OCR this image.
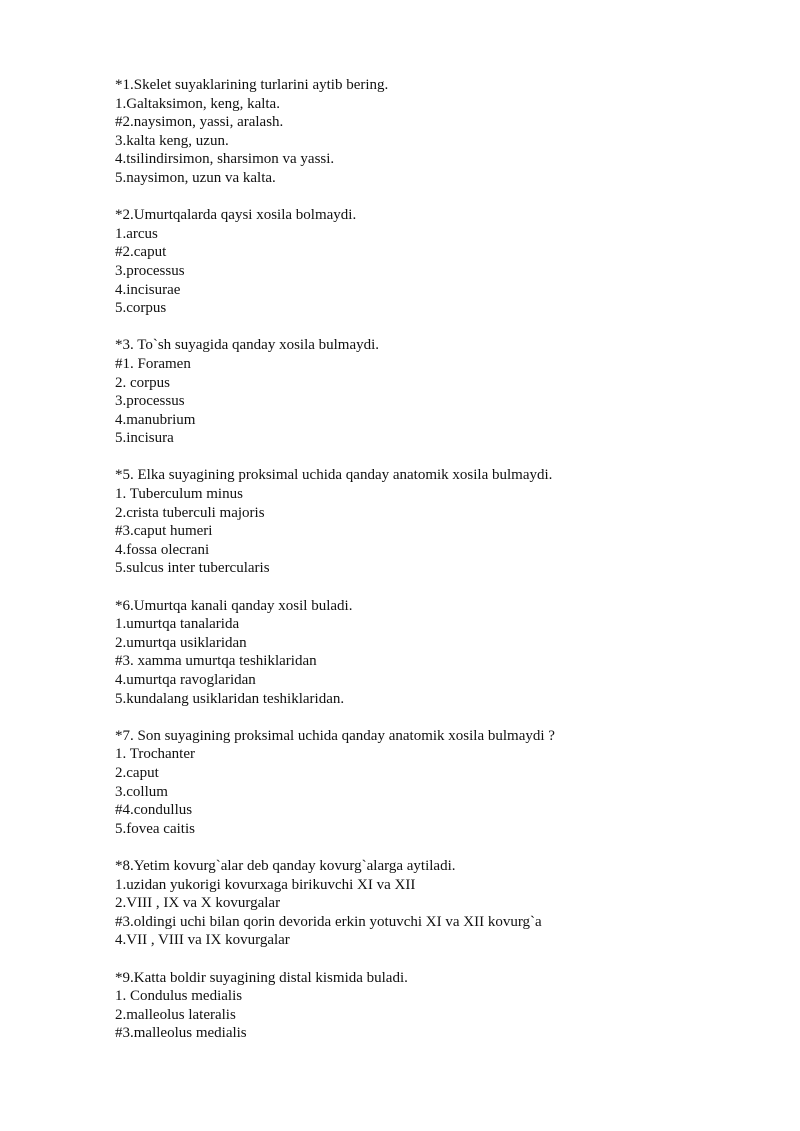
*1.Skelet suyaklarining turlarini aytib bering.
1.Galtaksimon, keng, kalta.
#2.naysimon, yassi, aralash.
3.kalta keng, uzun.
4.tsilindirsimon, sharsimon va yassi.
5.naysimon, uzun va kalta.
*2.Umurtqalarda qaysi xosila bolmaydi.
1.arcus
#2.caput
3.processus
4.incisurae
5.corpus
*3. To`sh suyagida qanday xosila bulmaydi.
#1. Foramen
2. corpus
3.processus
4.manubrium
5.incisura
*5. Elka suyagining proksimal uchida qanday anatomik xosila bulmaydi.
1. Tuberculum minus
2.crista tuberculi majoris
#3.caput humeri
4.fossa olecrani
5.sulcus inter tubercularis
*6.Umurtqa kanali qanday xosil buladi.
1.umurtqa tanalarida
2.umurtqa usiklaridan
#3. xamma umurtqa teshiklaridan
4.umurtqa ravoglaridan
5.kundalang usiklaridan teshiklaridan.
*7. Son suyagining proksimal uchida qanday anatomik xosila bulmaydi ?
1. Trochanter
2.caput
3.collum
#4.condullus
5.fovea caitis
*8.Yetim kovurg`alar deb qanday kovurg`alarga aytiladi.
1.uzidan yukorigi kovurxaga birikuvchi XI va XII
2.VIII , IX va X kovurgalar
#3.oldingi uchi bilan qorin devorida erkin yotuvchi XI va XII kovurg`a
4.VII , VIII va IX kovurgalar
*9.Katta boldir suyagining distal kismida buladi.
1. Condulus medialis
2.malleolus lateralis
#3.malleolus medialis
